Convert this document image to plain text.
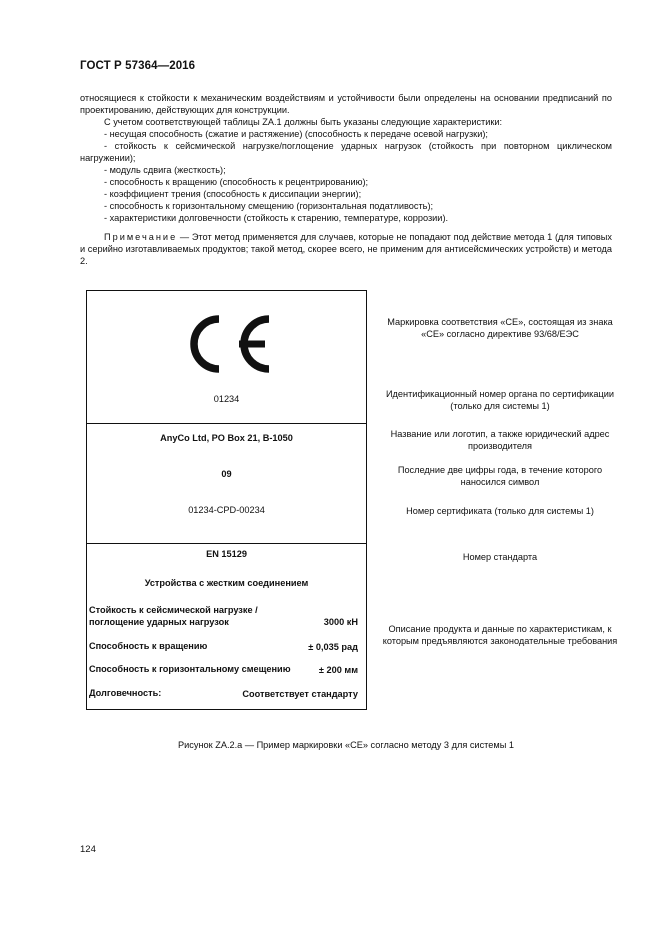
ГОСТ Р 57364—2016
относящиеся к стойкости к механическим воздействиям и устойчивости были определены на основании предписаний по проектированию, действующих для конструкции.
С учетом соответствующей таблицы ZA.1 должны быть указаны следующие характеристики:
- несущая способность (сжатие и растяжение) (способность к передаче осевой нагрузки);
- стойкость к сейсмической нагрузке/поглощение ударных нагрузок (стойкость при повторном циклическом нагружении);
- модуль сдвига (жесткость);
- способность к вращению (способность к рецентрированию);
- коэффициент трения (способность к диссипации энергии);
- способность к горизонтальному смещению (горизонтальная податливость);
- характеристики долговечности (стойкость к старению, температуре, коррозии).
Примечание — Этот метод применяется для случаев, которые не попадают под действие метода 1 (для типовых и серийно изготавливаемых продуктов; такой метод, скорее всего, не применим для антисейсмических устройств) и метода 2.
01234
AnyCo Ltd, PO Box 21, B-1050
09
01234-CPD-00234
EN 15129
Устройства с жестким соединением
Стойкость к сейсмической нагрузке / поглощение ударных нагрузок	3000 кН
Способность к вращению	± 0,035 рад
Способность к горизонтальному смещению	± 200 мм
Долговечность:	Соответствует стандарту
Маркировка соответствия «CE», состоящая из знака «CE» согласно директиве 93/68/ЕЭС
Идентификационный номер органа по сертификации (только для системы 1)
Название или логотип, а также юридический адрес производителя
Последние две цифры года, в течение которого наносился символ
Номер сертификата (только для системы 1)
Номер стандарта
Описание продукта и данные по характеристикам, к которым предъявляются законодательные требования
Рисунок ZA.2.a — Пример маркировки «CE» согласно методу 3 для системы 1
124
